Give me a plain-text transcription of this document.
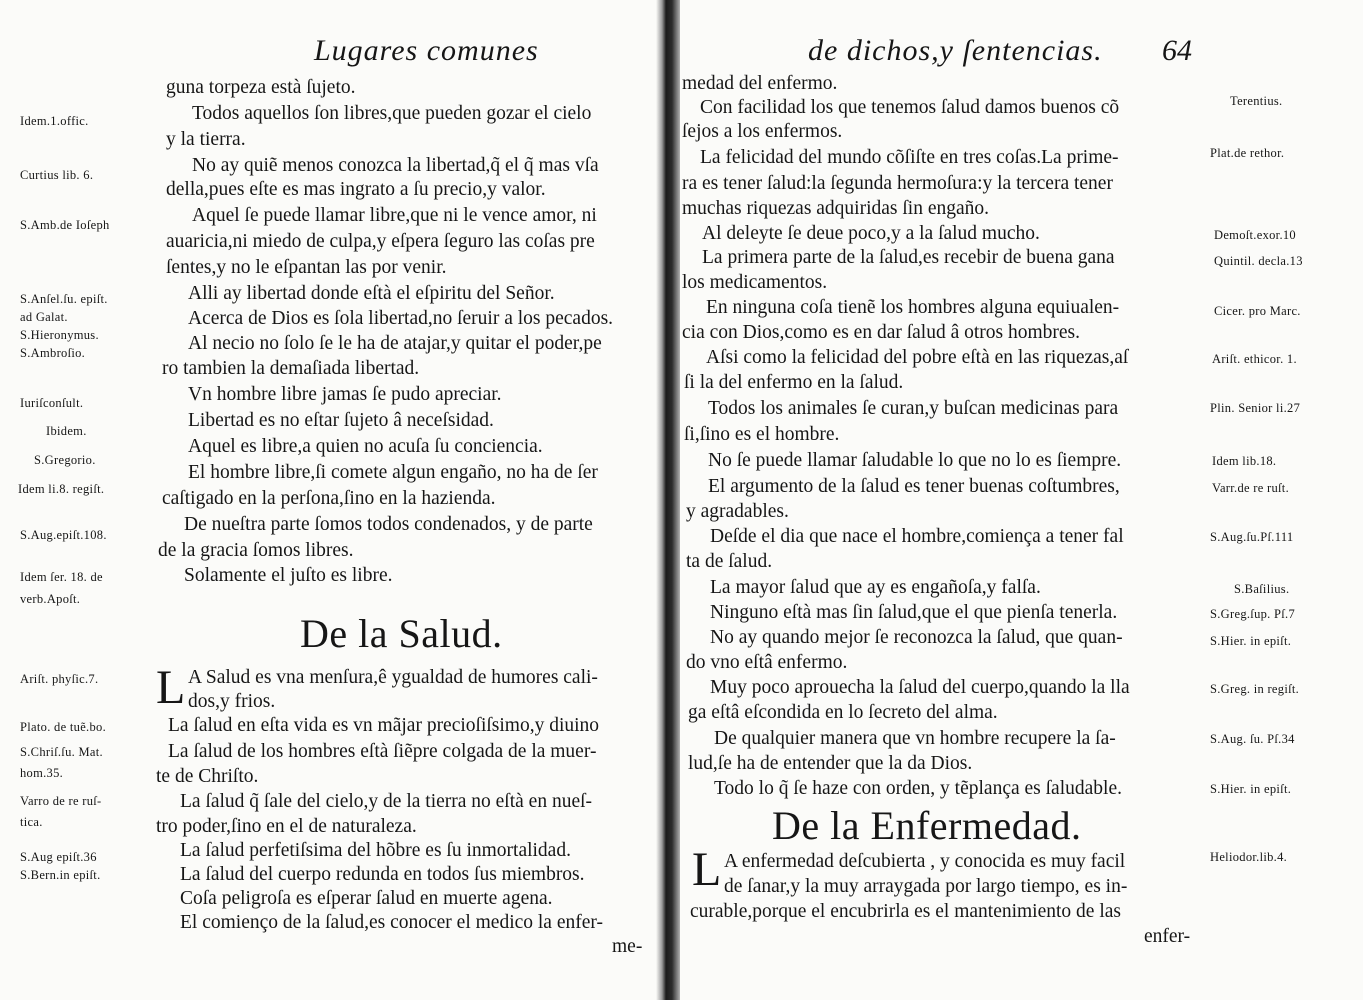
Lugares comunes
guna torpeza està ſujeto.
Todos aquellos ſon libres,que pueden gozar el cielo
y la tierra.
No ay quiẽ menos conozca la libertad,q̃ el q̃ mas vſa
della,pues eſte es mas ingrato a ſu precio,y valor.
Aquel ſe puede llamar libre,que ni le vence amor, ni
auaricia,ni miedo de culpa,y eſpera ſeguro las coſas pre
ſentes,y no le eſpantan las por venir.
Alli ay libertad donde eſtà el eſpiritu del Señor.
Acerca de Dios es ſola libertad,no ſeruir a los pecados.
Al necio no ſolo ſe le ha de atajar,y quitar el poder,pe
ro tambien la demaſiada libertad.
Vn hombre libre jamas ſe pudo apreciar.
Libertad es no eſtar ſujeto â neceſsidad.
Aquel es libre,a quien no acuſa ſu conciencia.
El hombre libre,ſi comete algun engaño, no ha de ſer
caſtigado en la perſona,ſino en la hazienda.
De nueſtra parte ſomos todos condenados, y de parte
de la gracia ſomos libres.
Solamente el juſto es libre.
De la Salud.
L A Salud es vna menſura,ê ygualdad de humores cali-
dos,y frios.
La ſalud en eſta vida es vn mãjar precioſiſsimo,y diuino
La ſalud de los hombres eſtà ſiẽpre colgada de la muer-
te de Chriſto.
La ſalud q̃ ſale del cielo,y de la tierra no eſtà en nueſ-
tro poder,ſino en el de naturaleza.
La ſalud perfetiſsima del hõbre es ſu inmortalidad.
La ſalud del cuerpo redunda en todos ſus miembros.
Coſa peligroſa es eſperar ſalud en muerte agena.
El comienço de la ſalud,es conocer el medico la enfer-
me-
Idem.1.offic.
Curtius lib. 6.
S.Amb.de Ioſeph
S.Anſel.ſu. epiſt.
ad Galat.
S.Hieronymus.
S.Ambroſio.
Iuriſconſult.
Ibidem.
S.Gregorio.
Idem li.8. regiſt.
S.Aug.epiſt.108.
Idem ſer. 18. de
verb.Apoſt.
Ariſt. phyſic.7.
Plato. de tuẽ.bo.
S.Chriſ.ſu. Mat.
hom.35.
Varro de re ruſ-
tica.
S.Aug epiſt.36
S.Bern.in epiſt.
de dichos,y ſentencias. 64
medad del enfermo.
Con facilidad los que tenemos ſalud damos buenos cõ
ſejos a los enfermos.
La felicidad del mundo cõſiſte en tres coſas.La prime-
ra es tener ſalud:la ſegunda hermoſura:y la tercera tener
muchas riquezas adquiridas ſin engaño.
Al deleyte ſe deue poco,y a la ſalud mucho.
La primera parte de la ſalud,es recebir de buena gana
los medicamentos.
En ninguna coſa tienẽ los hombres alguna equiualen-
cia con Dios,como es en dar ſalud â otros hombres.
Aſsi como la felicidad del pobre eſtà en las riquezas,aſ
ſi la del enfermo en la ſalud.
Todos los animales ſe curan,y buſcan medicinas para
ſi,ſino es el hombre.
No ſe puede llamar ſaludable lo que no lo es ſiempre.
El argumento de la ſalud es tener buenas coſtumbres,
y agradables.
Deſde el dia que nace el hombre,comiença a tener fal
ta de ſalud.
La mayor ſalud que ay es engañoſa,y falſa.
Ninguno eſtà mas ſin ſalud,que el que pienſa tenerla.
No ay quando mejor ſe reconozca la ſalud, que quan-
do vno eſtâ enfermo.
Muy poco aprouecha la ſalud del cuerpo,quando la lla
ga eſtâ eſcondida en lo ſecreto del alma.
De qualquier manera que vn hombre recupere la ſa-
lud,ſe ha de entender que la da Dios.
Todo lo q̃ ſe haze con orden, y tẽplança es ſaludable.
De la Enfermedad.
L A enfermedad deſcubierta , y conocida es muy facil
de ſanar,y la muy arraygada por largo tiempo, es in-
curable,porque el encubrirla es el mantenimiento de las
enfer-
Terentius.
Plat.de rethor.
Demoſt.exor.10
Quintil. decla.13
Cicer. pro Marc.
Ariſt. ethicor. 1.
Plin. Senior li.27
Idem lib.18.
Varr.de re ruſt.
S.Aug.ſu.Pſ.111
S.Baſilius.
S.Greg.ſup. Pſ.7
S.Hier. in epiſt.
S.Greg. in regiſt.
S.Aug. ſu. Pſ.34
S.Hier. in epiſt.
Heliodor.lib.4.
